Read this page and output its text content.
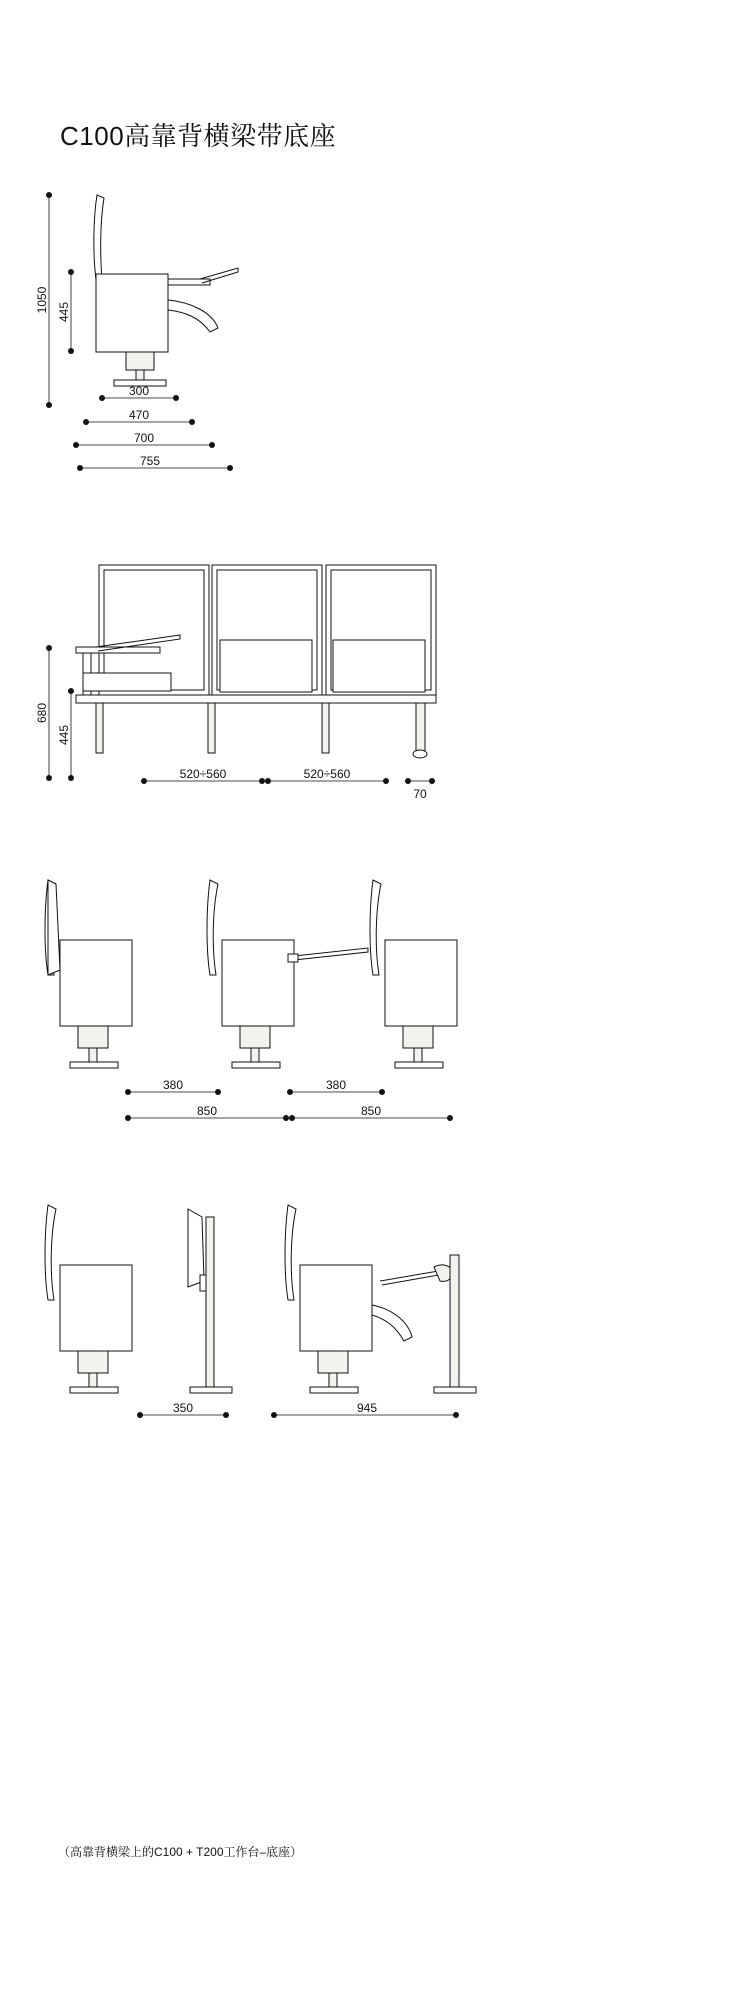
C100高靠背横梁带底座
1050 445
300
470
700
755
680
445
520÷560	520÷560
70
380	380
850	850
350	945
（高靠背横梁上的C100 + T200工作台–底座）
